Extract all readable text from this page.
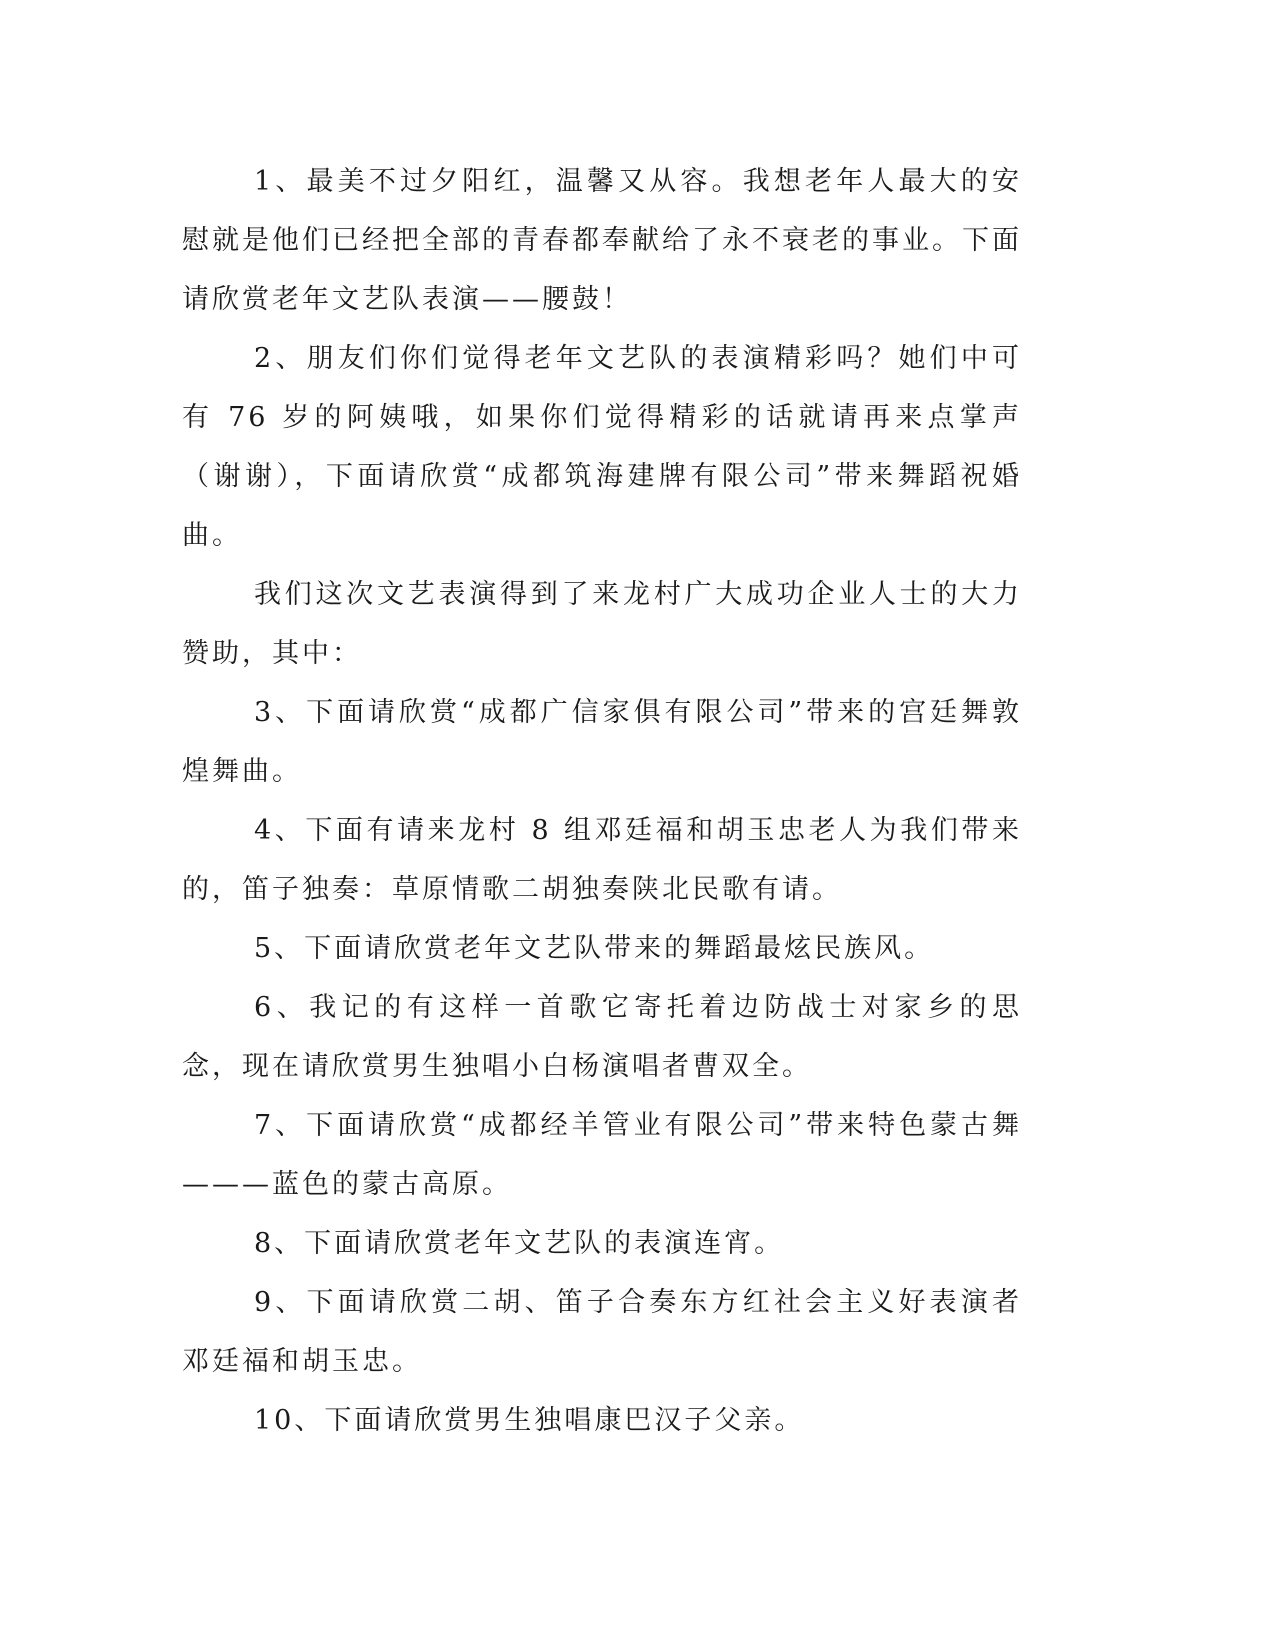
1、最美不过夕阳红，温馨又从容。我想老年人最大的安慰就是他们已经把全部的青春都奉献给了永不衰老的事业。下面请欣赏老年文艺队表演——腰鼓！

2、朋友们你们觉得老年文艺队的表演精彩吗？她们中可有 76 岁的阿姨哦，如果你们觉得精彩的话就请再来点掌声（谢谢），下面请欣赏“成都筑海建牌有限公司”带来舞蹈祝婚曲。

我们这次文艺表演得到了来龙村广大成功企业人士的大力赞助，其中：

3、下面请欣赏“成都广信家俱有限公司”带来的宫廷舞敦煌舞曲。

4、下面有请来龙村 8 组邓廷福和胡玉忠老人为我们带来的，笛子独奏：草原情歌二胡独奏陕北民歌有请。

5、下面请欣赏老年文艺队带来的舞蹈最炫民族风。

6、我记的有这样一首歌它寄托着边防战士对家乡的思念，现在请欣赏男生独唱小白杨演唱者曹双全。

7、下面请欣赏“成都经羊管业有限公司”带来特色蒙古舞———蓝色的蒙古高原。

8、下面请欣赏老年文艺队的表演连宵。

9、下面请欣赏二胡、笛子合奏东方红社会主义好表演者邓廷福和胡玉忠。

10、下面请欣赏男生独唱康巴汉子父亲。
